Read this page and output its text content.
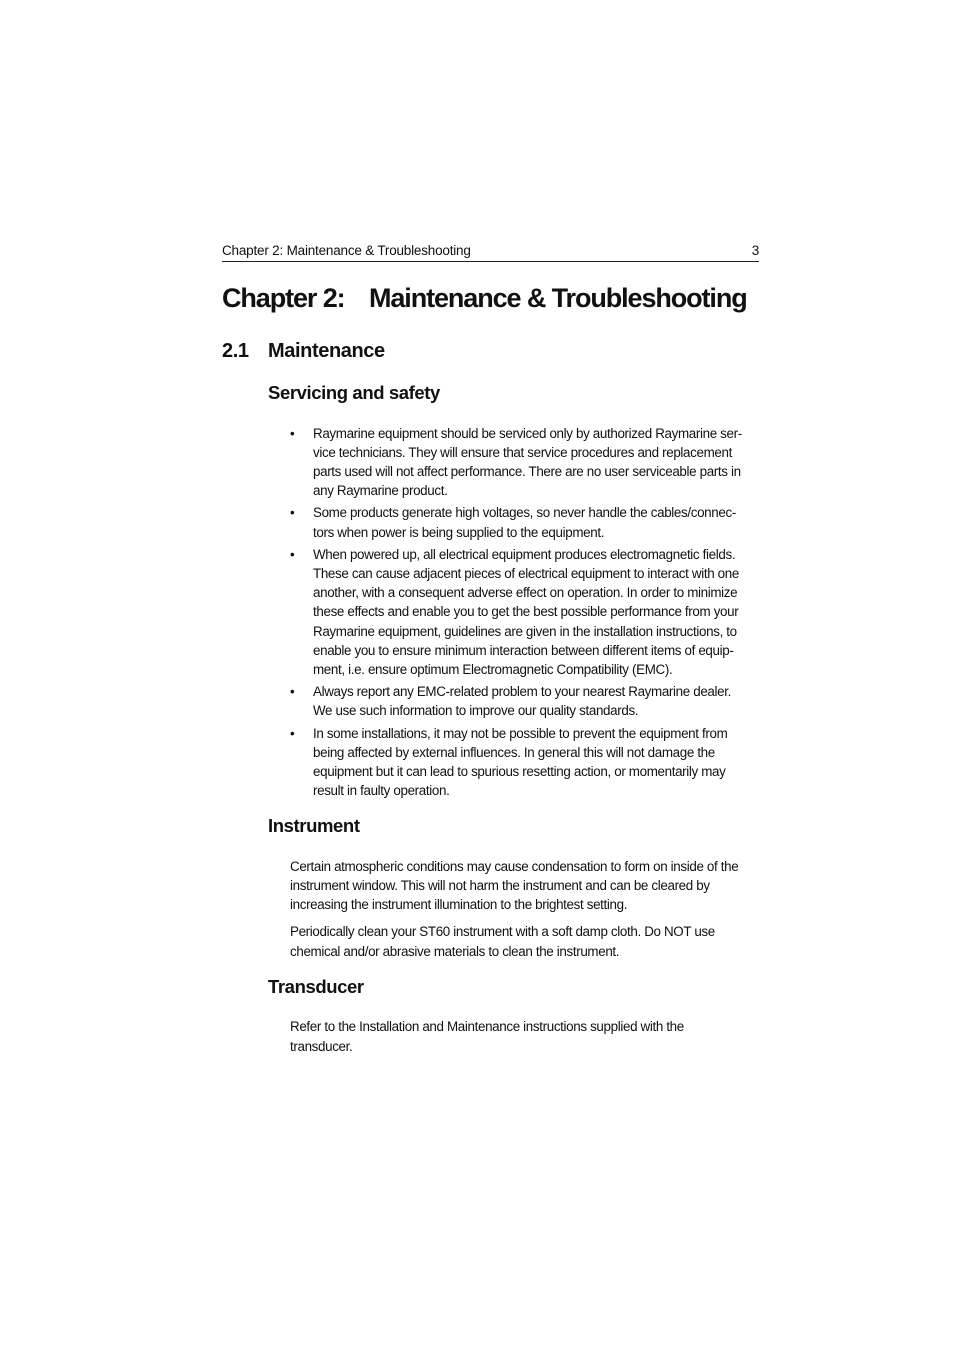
Chapter 2: Maintenance & Troubleshooting	3
Chapter 2: Maintenance & Troubleshooting
2.1 Maintenance
Servicing and safety
• Raymarine equipment should be serviced only by authorized Raymarine ser-
vice technicians. They will ensure that service procedures and replacement
parts used will not affect performance. There are no user serviceable parts in
any Raymarine product.
• Some products generate high voltages, so never handle the cables/connec-
tors when power is being supplied to the equipment.
• When powered up, all electrical equipment produces electromagnetic fields.
These can cause adjacent pieces of electrical equipment to interact with one
another, with a consequent adverse effect on operation. In order to minimize
these effects and enable you to get the best possible performance from your
Raymarine equipment, guidelines are given in the installation instructions, to
enable you to ensure minimum interaction between different items of equip-
ment, i.e. ensure optimum Electromagnetic Compatibility (EMC).
• Always report any EMC-related problem to your nearest Raymarine dealer.
We use such information to improve our quality standards.
• In some installations, it may not be possible to prevent the equipment from
being affected by external influences. In general this will not damage the
equipment but it can lead to spurious resetting action, or momentarily may
result in faulty operation.
Instrument
Certain atmospheric conditions may cause condensation to form on inside of the
instrument window. This will not harm the instrument and can be cleared by
increasing the instrument illumination to the brightest setting.
Periodically clean your ST60 instrument with a soft damp cloth. Do NOT use
chemical and/or abrasive materials to clean the instrument.
Transducer
Refer to the Installation and Maintenance instructions supplied with the
transducer.
